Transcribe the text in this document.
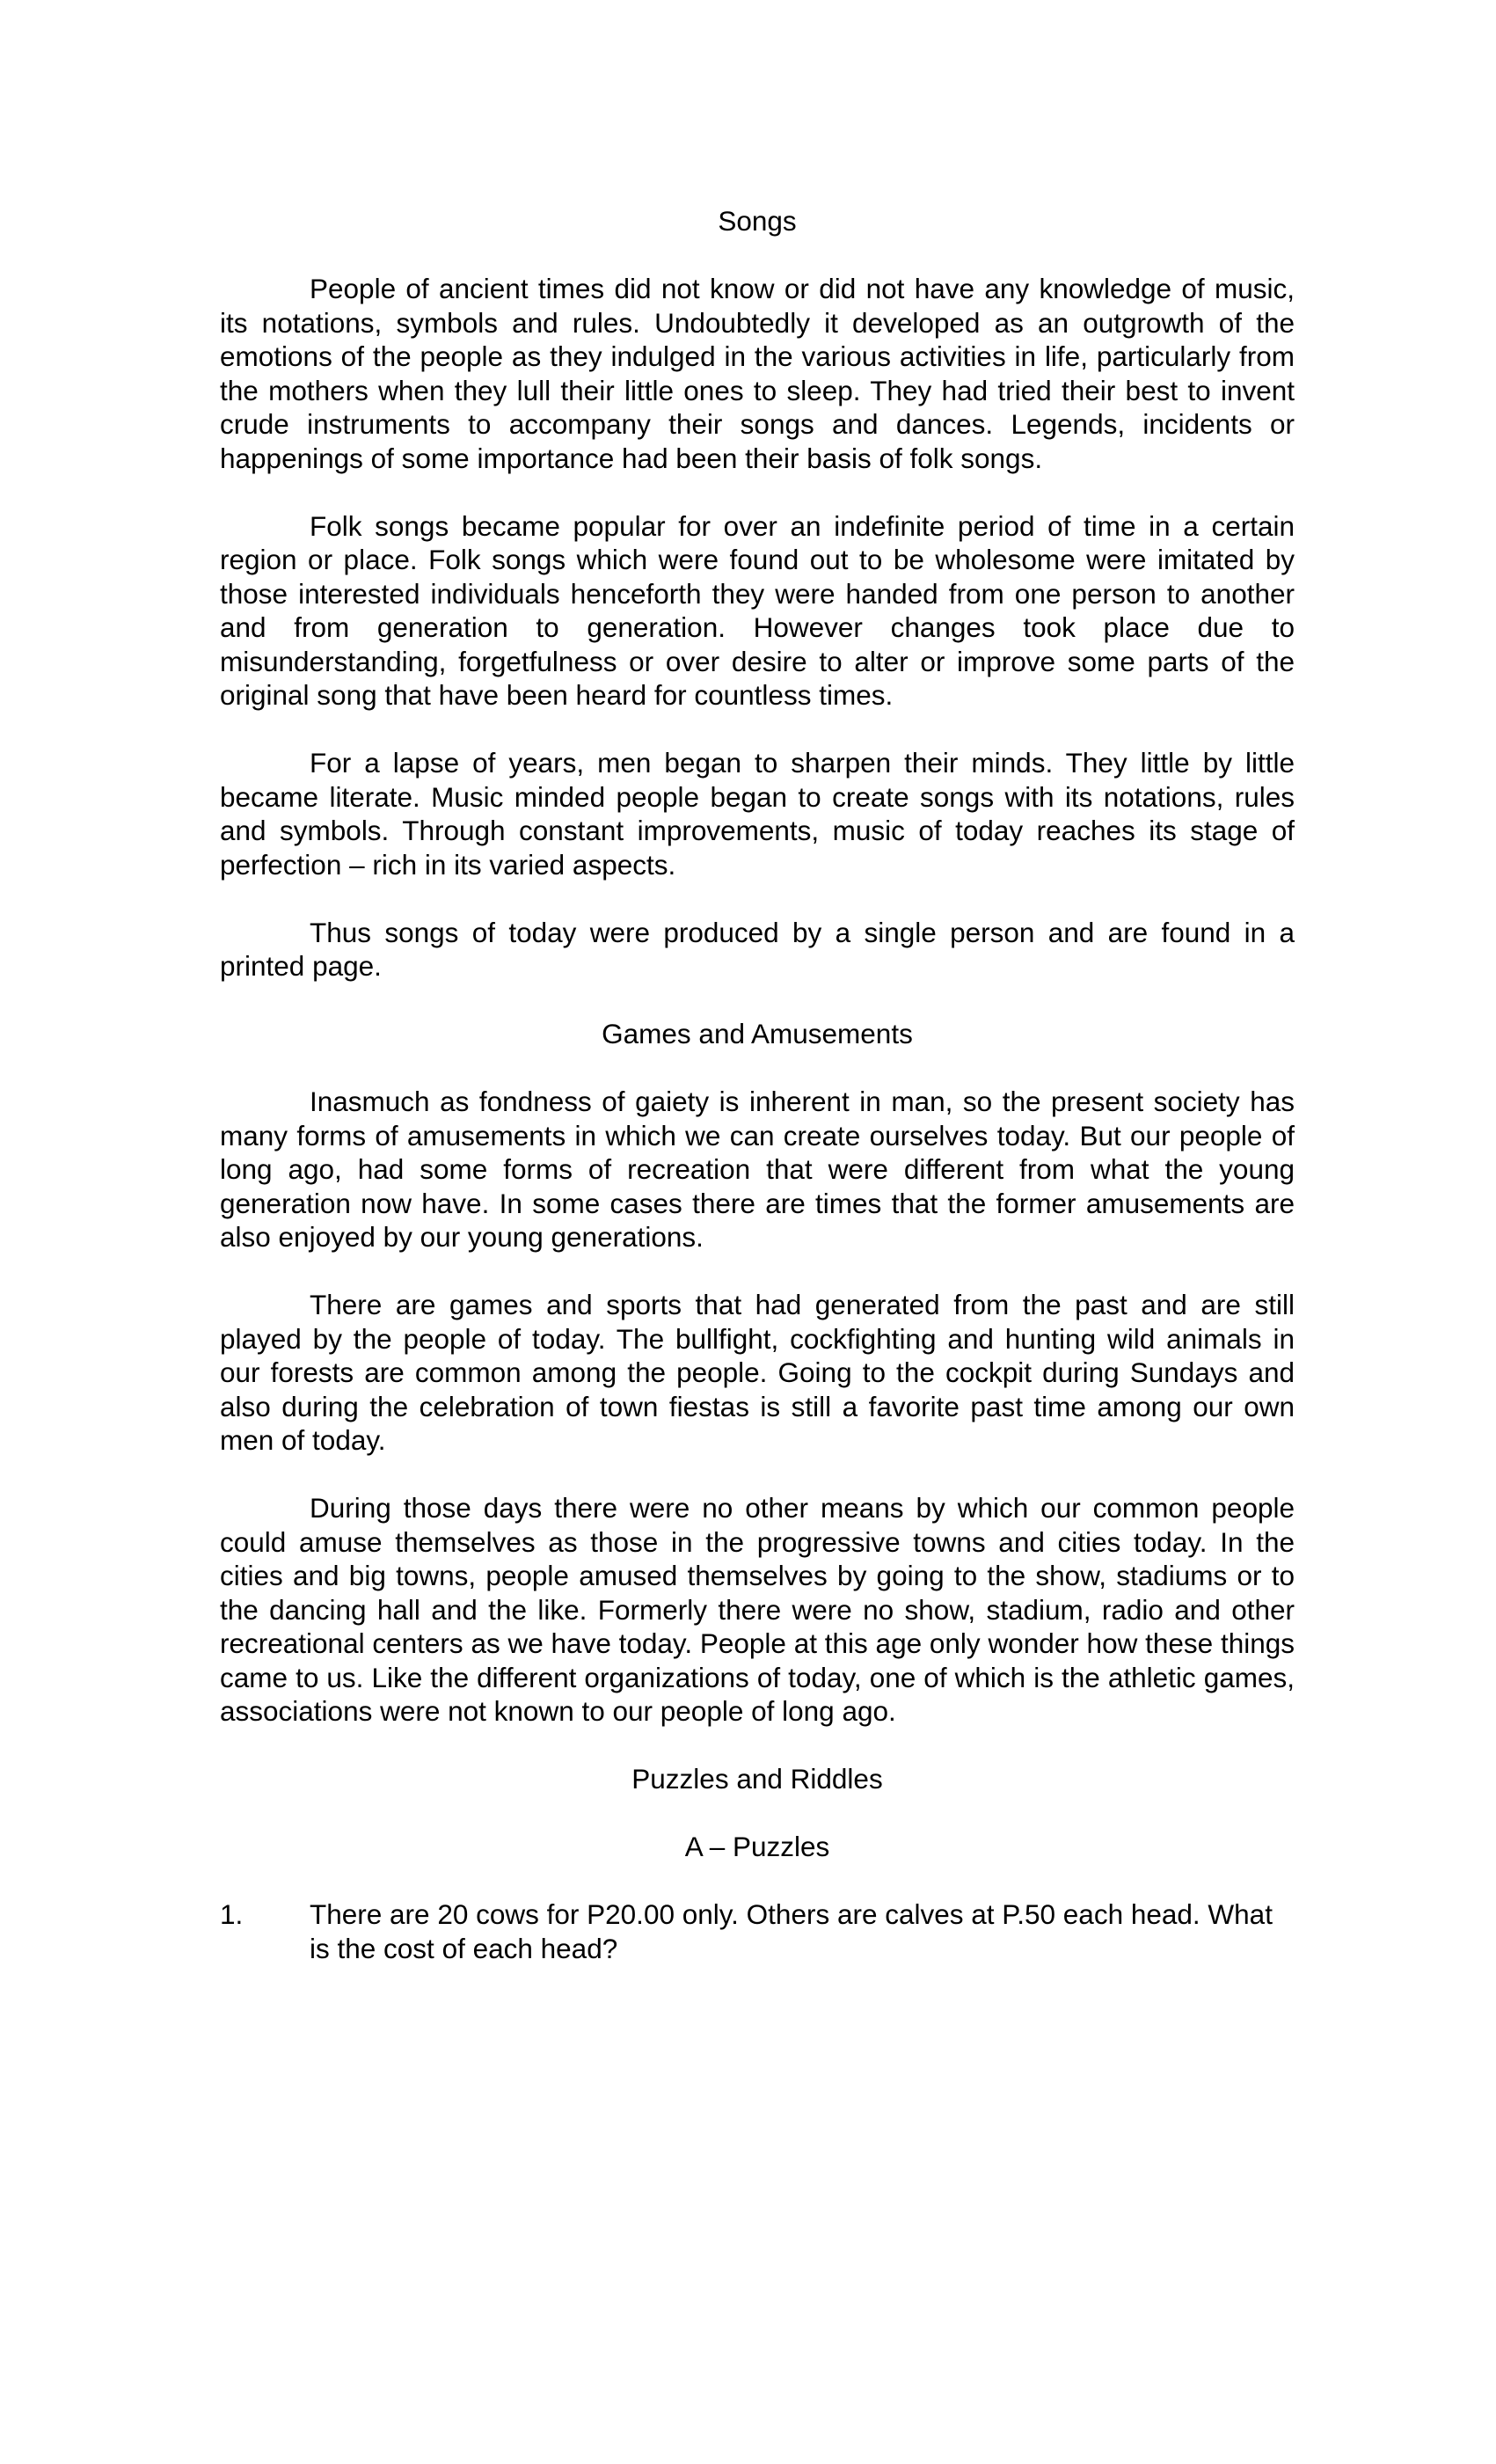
Songs

People of ancient times did not know or did not have any knowledge of music, its notations, symbols and rules. Undoubtedly it developed as an outgrowth of the emotions of the people as they indulged in the various activities in life, particularly from the mothers when they lull their little ones to sleep. They had tried their best to invent crude instruments to accompany their songs and dances. Legends, incidents or happenings of some importance had been their basis of folk songs.

Folk songs became popular for over an indefinite period of time in a certain region or place. Folk songs which were found out to be wholesome were imitated by those interested individuals henceforth they were handed from one person to another and from generation to generation. However changes took place due to misunderstanding, forgetfulness or over desire to alter or improve some parts of the original song that have been heard for countless times.

For a lapse of years, men began to sharpen their minds. They little by little became literate. Music minded people began to create songs with its notations, rules and symbols. Through constant improvements, music of today reaches its stage of perfection – rich in its varied aspects.

Thus songs of today were produced by a single person and are found in a printed page.

Games and Amusements

Inasmuch as fondness of gaiety is inherent in man, so the present society has many forms of amusements in which we can create ourselves today. But our people of long ago, had some forms of recreation that were different from what the young generation now have. In some cases there are times that the former amusements are also enjoyed by our young generations.

There are games and sports that had generated from the past and are still played by the people of today. The bullfight, cockfighting and hunting wild animals in our forests are common among the people. Going to the cockpit during Sundays and also during the celebration of town fiestas is still a favorite past time among our own men of today.

During those days there were no other means by which our common people could amuse themselves as those in the progressive towns and cities today. In the cities and big towns, people amused themselves by going to the show, stadiums or to the dancing hall and the like. Formerly there were no show, stadium, radio and other recreational centers as we have today. People at this age only wonder how these things came to us. Like the different organizations of today, one of which is the athletic games, associations were not known to our people of long ago.

Puzzles and Riddles

A – Puzzles

1.	There are 20 cows for P20.00 only. Others are calves at P.50 each head. What is the cost of each head?
